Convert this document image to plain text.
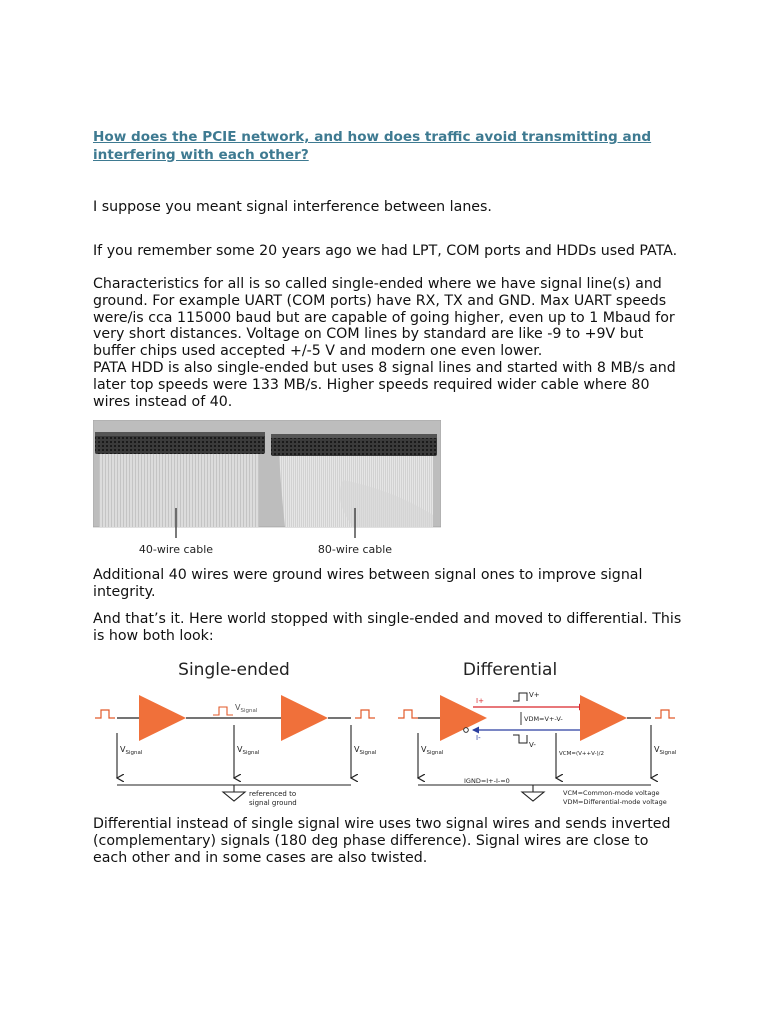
How does the PCIE network, and how does traffic avoid transmitting and interfering with each other?

I suppose you meant signal interference between lanes.

If you remember some 20 years ago we had LPT, COM ports and HDDs used PATA.

Characteristics for all is so called single-ended where we have signal line(s) and ground. For example UART (COM ports) have RX, TX and GND. Max UART speeds were/is cca 115000 baud but are capable of going higher, even up to 1 Mbaud for very short distances. Voltage on COM lines by standard are like -9 to +9V but buffer chips used accepted +/-5 V and modern one even lower.

PATA HDD is also single-ended but uses 8 signal lines and started with 8 MB/s and later top speeds were 133 MB/s. Higher speeds required wider cable where 80 wires instead of 40.

Additional 40 wires were ground wires between signal ones to improve signal integrity.

And that’s it. Here world stopped with single-ended and moved to differential. This is how both look:

Differential instead of single signal wire uses two signal wires and sends inverted (complementary) signals (180 deg phase difference). Signal wires are close to each other and in some cases are also twisted.

40-wire cable	80-wire cable
Single-ended
$V_{Signal}$
$V_{Signal}$	$V_{Signal}$	$V_{Signal}$
referenced to
signal ground
Differential
I+
I-
V+
V-
VDM=V+-V-
$V_{Signal}$	VCM=(V++V-)/2	$V_{Signal}$
IGND=I+-I-=0
VCM=Common-mode voltage
VDM=Differential-mode voltage
